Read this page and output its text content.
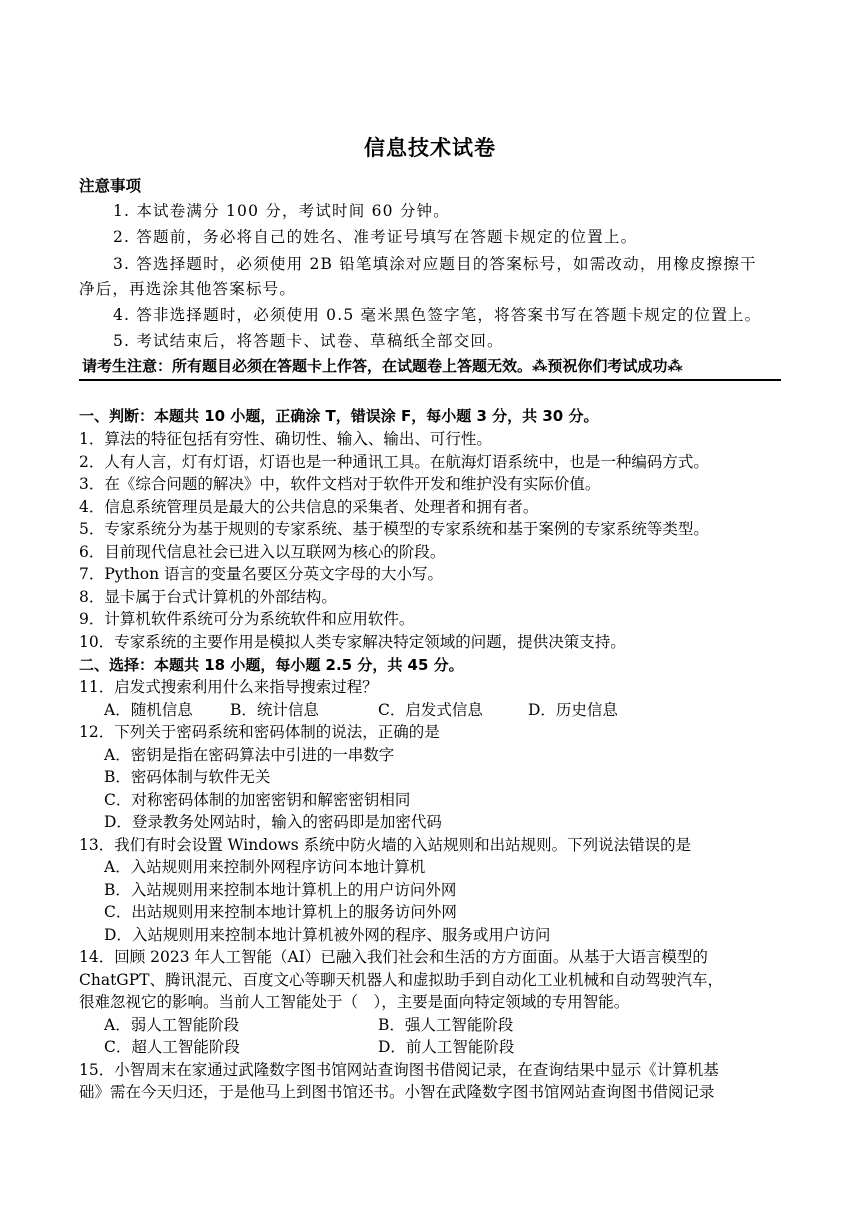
信息技术试卷
注意事项
1. 本试卷满分 100 分，考试时间 60 分钟。
2. 答题前，务必将自己的姓名、准考证号填写在答题卡规定的位置上。
3. 答选择题时，必须使用 2B 铅笔填涂对应题目的答案标号，如需改动，用橡皮擦擦干
净后，再选涂其他答案标号。
4. 答非选择题时，必须使用 0.5 毫米黑色签字笔，将答案书写在答题卡规定的位置上。
5. 考试结束后，将答题卡、试卷、草稿纸全部交回。
请考生注意：所有题目必须在答题卡上作答，在试题卷上答题无效。⁂预祝你们考试成功⁂
一、判断：本题共 10 小题，正确涂 T，错误涂 F，每小题 3 分，共 30 分。
1．算法的特征包括有穷性、确切性、输入、输出、可行性。
2．人有人言，灯有灯语，灯语也是一种通讯工具。在航海灯语系统中，也是一种编码方式。
3．在《综合问题的解决》中，软件文档对于软件开发和维护没有实际价值。
4．信息系统管理员是最大的公共信息的采集者、处理者和拥有者。
5．专家系统分为基于规则的专家系统、基于模型的专家系统和基于案例的专家系统等类型。
6．目前现代信息社会已进入以互联网为核心的阶段。
7．Python 语言的变量名要区分英文字母的大小写。
8．显卡属于台式计算机的外部结构。
9．计算机软件系统可分为系统软件和应用软件。
10．专家系统的主要作用是模拟人类专家解决特定领域的问题，提供决策支持。
二、选择：本题共 18 小题，每小题 2.5 分，共 45 分。
11．启发式搜索利用什么来指导搜索过程？
A．随机信息 B．统计信息	C．启发式信息	D．历史信息
12．下列关于密码系统和密码体制的说法，正确的是
A．密钥是指在密码算法中引进的一串数字
B．密码体制与软件无关
C．对称密码体制的加密密钥和解密密钥相同
D．登录教务处网站时，输入的密码即是加密代码
13．我们有时会设置 Windows 系统中防火墙的入站规则和出站规则。下列说法错误的是
A．入站规则用来控制外网程序访问本地计算机
B．入站规则用来控制本地计算机上的用户访问外网
C．出站规则用来控制本地计算机上的服务访问外网
D．入站规则用来控制本地计算机被外网的程序、服务或用户访问
14．回顾 2023 年人工智能（AI）已融入我们社会和生活的方方面面。从基于大语言模型的
ChatGPT、腾讯混元、百度文心等聊天机器人和虚拟助手到自动化工业机械和自动驾驶汽车，
很难忽视它的影响。当前人工智能处于（　），主要是面向特定领域的专用智能。
A．弱人工智能阶段	B．强人工智能阶段
C．超人工智能阶段	D．前人工智能阶段
15．小智周末在家通过武隆数字图书馆网站查询图书借阅记录，在查询结果中显示《计算机基
础》需在今天归还，于是他马上到图书馆还书。小智在武隆数字图书馆网站查询图书借阅记录
